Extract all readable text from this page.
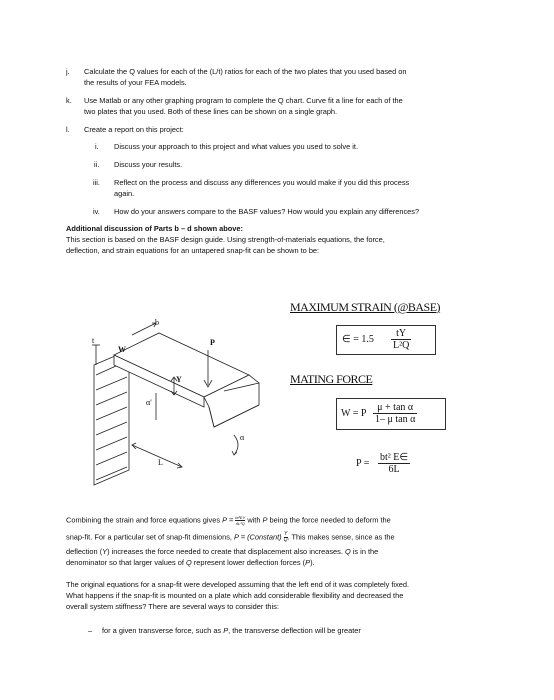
j. Calculate the Q values for each of the (L/t) ratios for each of the two plates that you used based on
the results of your FEA models.
k. Use Matlab or any other graphing program to complete the Q chart. Curve fit a line for each of the
two plates that you used. Both of these lines can be shown on a single graph.
l. Create a report on this project:
i. Discuss your approach to this project and what values you used to solve it.
ii. Discuss your results.
iii. Reflect on the process and discuss any differences you would make if you did this process
again.
iv. How do your answers compare to the BASF values? How would you explain any differences?
Additional discussion of Parts b – d shown above:
This section is based on the BASF design guide. Using strength-of-materials equations, the force,
deflection, and strain equations for an untapered snap-fit can be shown to be:
t
b
W
P
Y
α'
L
α
MAXIMUM STRAIN (@BASE)
∈ = $1.5 \frac{tY}{\text{L²Q}}$
MATING FORCE
W = P $\frac{\text{μ + tan α}}{\text{1– μ tan α}}$
$P = \frac{\text{bt² E∈}}{6L}$
Combining the strain and force equations gives $P = \frac{\text{bt³EY}}{\text{4L³Q}}$ with P being the force needed to deform the
snap-fit. For a particular set of snap-fit dimensions, P = (Constant) $\frac{Y}{Q}$ . This makes sense, since as the
deflection (Y) increases the force needed to create that displacement also increases. Q is in the
denominator so that larger values of Q represent lower deflection forces (P).
The original equations for a snap-fit were developed assuming that the left end of it was completely fixed.
What happens if the snap-fit is mounted on a plate which add considerable flexibility and decreased the
overall system stiffness? There are several ways to consider this:
– for a given transverse force, such as P, the transverse deflection will be greater
